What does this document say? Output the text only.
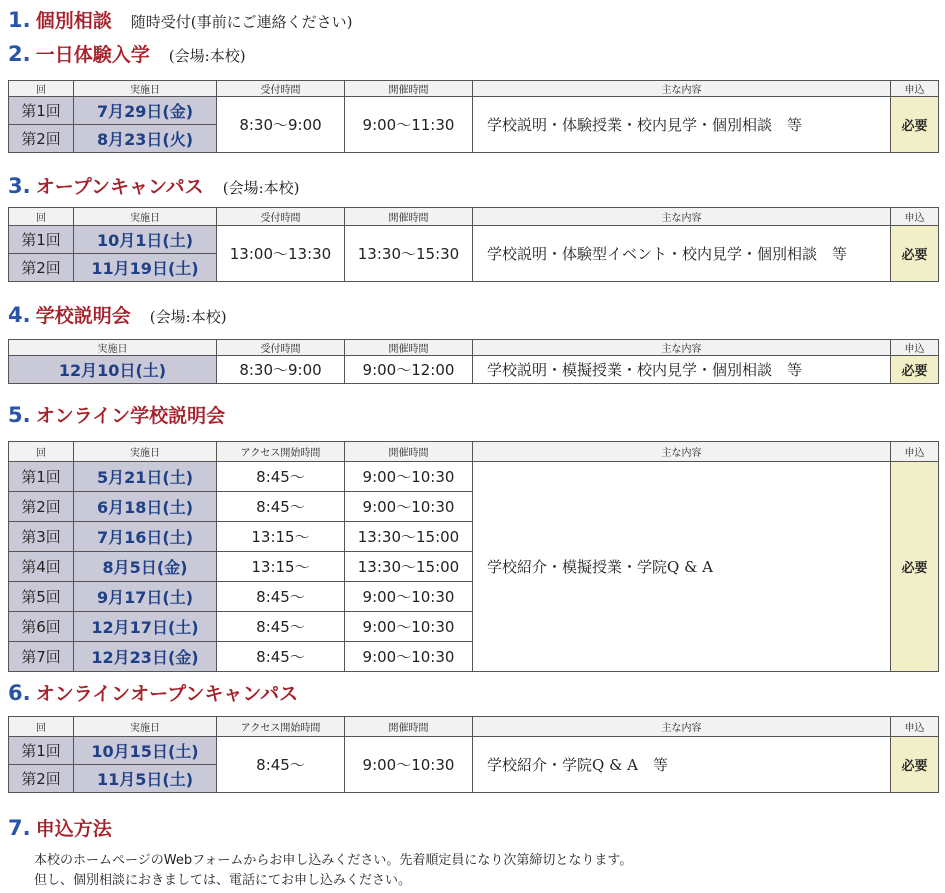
1. 個別相談 随時受付(事前にご連絡ください)
2. 一日体験入学 (会場:本校)
回	実施日	受付時間	開催時間	主な内容	申込
第1回	7月29日(金)	8:30〜9:00	9:00〜11:30	学校説明・体験授業・校内見学・個別相談　等	必要
第2回	8月23日(火)				
3. オープンキャンパス (会場:本校)
回	実施日	受付時間	開催時間	主な内容	申込
第1回	10月1日(土)	13:00〜13:30	13:30〜15:30	学校説明・体験型イベント・校内見学・個別相談　等	必要
第2回	11月19日(土)				
4. 学校説明会 (会場:本校)
実施日	受付時間	開催時間	主な内容	申込
12月10日(土)	8:30〜9:00	9:00〜12:00	学校説明・模擬授業・校内見学・個別相談　等	必要
5. オンライン学校説明会
回	実施日	アクセス開始時間	開催時間	主な内容	申込
第1回	5月21日(土)	8:45〜	9:00〜10:30	学校紹介・模擬授業・学院Q & A	必要
第2回	6月18日(土)	8:45〜	9:00〜10:30		
第3回	7月16日(土)	13:15〜	13:30〜15:00		
第4回	8月5日(金)	13:15〜	13:30〜15:00		
第5回	9月17日(土)	8:45〜	9:00〜10:30		
第6回	12月17日(土)	8:45〜	9:00〜10:30		
第7回	12月23日(金)	8:45〜	9:00〜10:30		
6. オンラインオープンキャンパス
回	実施日	アクセス開始時間	開催時間	主な内容	申込
第1回	10月15日(土)	8:45〜	9:00〜10:30	学校紹介・学院Q & A　等	必要
第2回	11月5日(土)				
7. 申込方法
本校のホームページのWebフォームからお申し込みください。先着順定員になり次第締切となります。
但し、個別相談におきましては、電話にてお申し込みください。
